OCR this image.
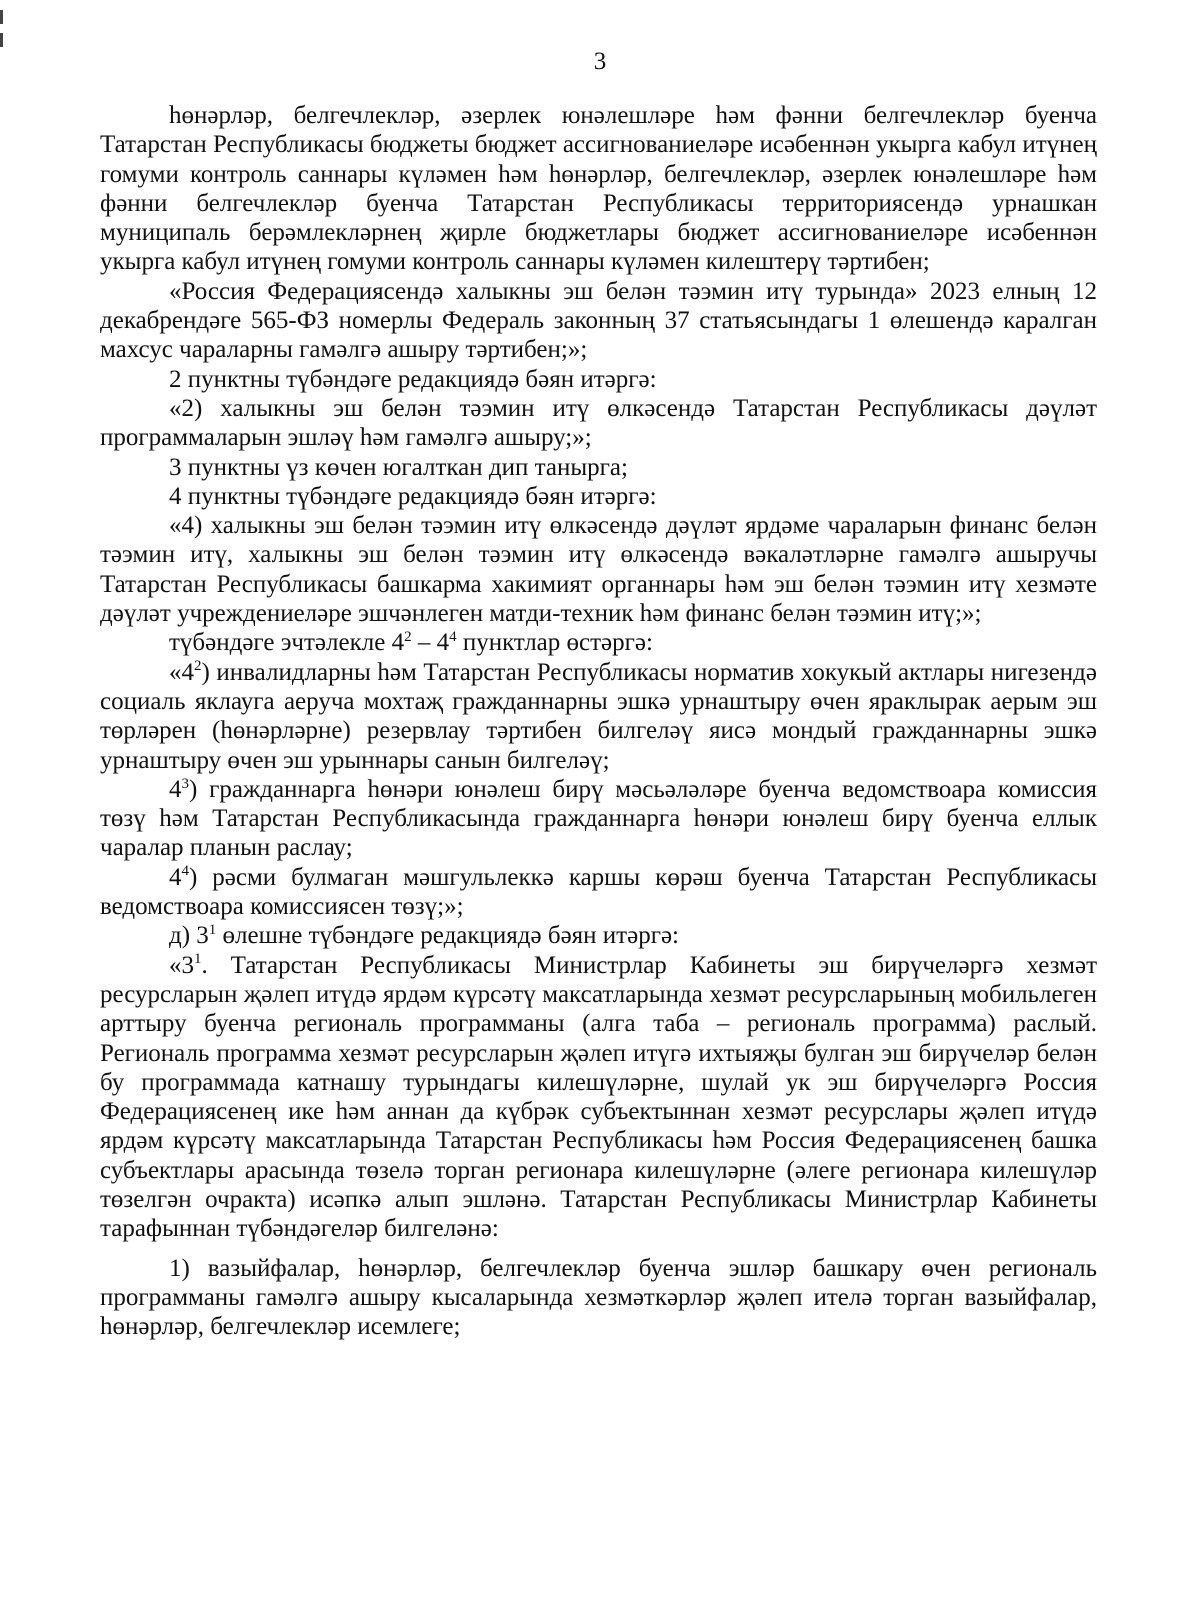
3

һөнәрләр, белгечлекләр, әзерлек юнәлешләре һәм фәнни белгечлекләр буенча Татарстан Республикасы бюджеты бюджет ассигнованиеләре исәбеннән укырга кабул итүнең гомуми контроль саннары күләмен һәм һөнәрләр, белгечлекләр, әзерлек юнәлешләре һәм фәнни белгечлекләр буенча Татарстан Республикасы территориясендә урнашкан муниципаль берәмлекләрнең җирле бюджетлары бюджет ассигнованиеләре исәбеннән укырга кабул итүнең гомуми контроль саннары күләмен килештерү тәртибен;

«Россия Федерациясендә халыкны эш белән тәэмин итү турында» 2023 елның 12 декабрендәге 565-ФЗ номерлы Федераль законның 37 статьясындагы 1 өлешендә каралган махсус чараларны гамәлгә ашыру тәртибен;»;

2 пунктны түбәндәге редакциядә бәян итәргә:

«2) халыкны эш белән тәэмин итү өлкәсендә Татарстан Республикасы дәүләт программаларын эшләү һәм гамәлгә ашыру;»;

3 пунктны үз көчен югалткан дип танырга;

4 пунктны түбәндәге редакциядә бәян итәргә:

«4) халыкны эш белән тәэмин итү өлкәсендә дәүләт ярдәме чараларын финанс белән тәэмин итү, халыкны эш белән тәэмин итү өлкәсендә вәкаләтләрне гамәлгә ашыручы Татарстан Республикасы башкарма хакимият органнары һәм эш белән тәэмин итү хезмәте дәүләт учреждениеләре эшчәнлеген матди-техник һәм финанс белән тәэмин итү;»;

түбәндәге эчтәлекле $4^2 - 4^4$ пунктлар өстәргә:

«$4^2$) инвалидларны һәм Татарстан Республикасы норматив хокукый актлары нигезендә социаль яклауга аеруча мохтаҗ гражданнарны эшкә урнаштыру өчен яраклырак аерым эш төрләрен (һөнәрләрне) резервлау тәртибен билгеләү яисә мондый гражданнарны эшкә урнаштыру өчен эш урыннары санын билгеләү;

$4^3$) гражданнарга һөнәри юнәлеш бирү мәсьәләләре буенча ведомствоара комиссия төзү һәм Татарстан Республикасында гражданнарга һөнәри юнәлеш бирү буенча еллык чаралар планын раслау;

$4^4$) рәсми булмаган мәшгульлеккә каршы көрәш буенча Татарстан Республикасы ведомствоара комиссиясен төзү;»;

д) $3^1$ өлешне түбәндәге редакциядә бәян итәргә:

«$3^1$. Татарстан Республикасы Министрлар Кабинеты эш бирүчеләргә хезмәт ресурсларын җәлеп итүдә ярдәм күрсәтү максатларында хезмәт ресурсларының мобильлеген арттыру буенча региональ программаны (алга таба – региональ программа) раслый. Региональ программа хезмәт ресурсларын җәлеп итүгә ихтыяҗы булган эш бирүчеләр белән бу программада катнашу турындагы килешүләрне, шулай ук эш бирүчеләргә Россия Федерациясенең ике һәм аннан да күбрәк субъектыннан хезмәт ресурслары җәлеп итүдә ярдәм күрсәтү максатларында Татарстан Республикасы һәм Россия Федерациясенең башка субъектлары арасында төзелә торган регионара килешүләрне (әлеге регионара килешүләр төзелгән очракта) исәпкә алып эшләнә. Татарстан Республикасы Министрлар Кабинеты тарафыннан түбәндәгеләр билгеләнә:

1) вазыйфалар, һөнәрләр, белгечлекләр буенча эшләр башкару өчен региональ программаны гамәлгә ашыру кысаларында хезмәткәрләр җәлеп ителә торган вазыйфалар, һөнәрләр, белгечлекләр исемлеге;
